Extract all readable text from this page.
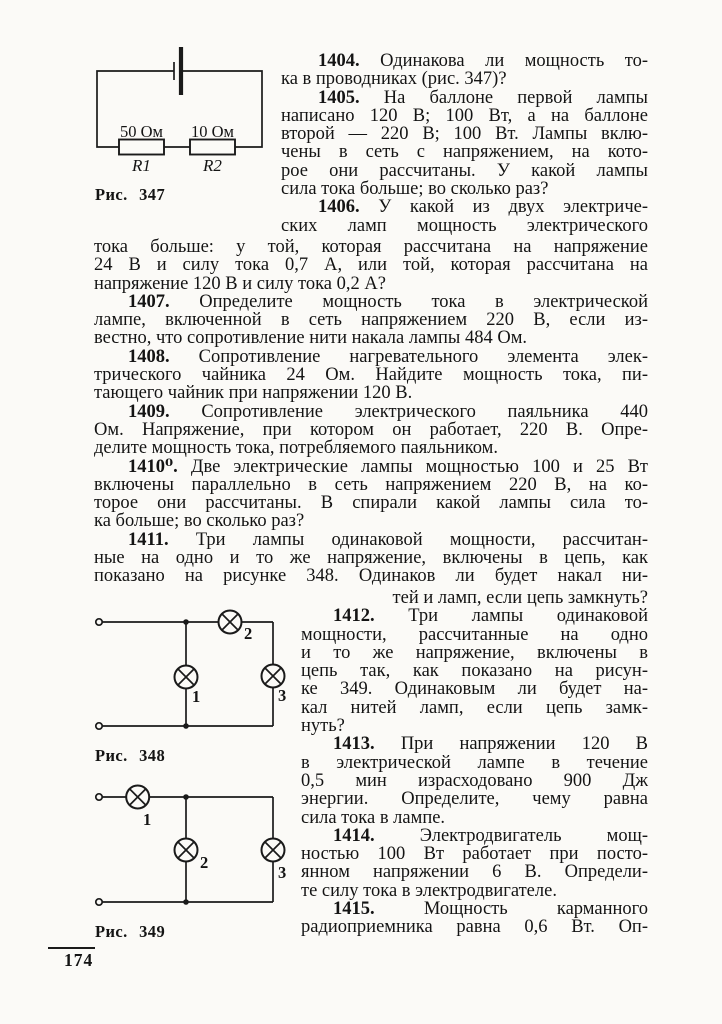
50 Ом 10 Ом
R1	R2
Рис. 347
2
1	3
Рис. 348
1
2
3
Рис. 349
1404. Одинакова ли мощность то-
ка в проводниках (рис. 347)?
1405. На баллоне первой лампы
написано 120 В; 100 Вт, а на баллоне
второй — 220 В; 100 Вт. Лампы вклю-
чены в сеть с напряжением, на кото-
рое они рассчитаны. У какой лампы
сила тока больше; во сколько раз?
1406. У какой из двух электриче-
ских ламп мощность электрического
тока больше: у той, которая рассчитана на напряжение
24 В и силу тока 0,7 А, или той, которая рассчитана на
напряжение 120 В и силу тока 0,2 А?
1407. Определите мощность тока в электрической
лампе, включенной в сеть напряжением 220 В, если из-
вестно, что сопротивление нити накала лампы 484 Ом.
1408. Сопротивление нагревательного элемента элек-
трического чайника 24 Ом. Найдите мощность тока, пи-
тающего чайник при напряжении 120 В.
1409. Сопротивление электрического паяльника 440
Ом. Напряжение, при котором он работает, 220 В. Опре-
делите мощность тока, потребляемого паяльником.
1410⁰. Две электрические лампы мощностью 100 и 25 Вт
включены параллельно в сеть напряжением 220 В, на ко-
торое они рассчитаны. В спирали какой лампы сила то-
ка больше; во сколько раз?
1411. Три лампы одинаковой мощности, рассчитан-
ные на одно и то же напряжение, включены в цепь, как
показано на рисунке 348. Одинаков ли будет накал ни-
тей и ламп, если цепь замкнуть?
1412. Три лампы одинаковой
мощности, рассчитанные на одно
и то же напряжение, включены в
цепь так, как показано на рисун-
ке 349. Одинаковым ли будет на-
кал нитей ламп, если цепь замк-
нуть?
1413. При напряжении 120 В
в электрической лампе в течение
0,5 мин израсходовано 900 Дж
энергии. Определите, чему равна
сила тока в лампе.
1414. Электродвигатель мощ-
ностью 100 Вт работает при посто-
янном напряжении 6 В. Определи-
те силу тока в электродвигателе.
1415. Мощность карманного
радиоприемника равна 0,6 Вт. Оп-
174
